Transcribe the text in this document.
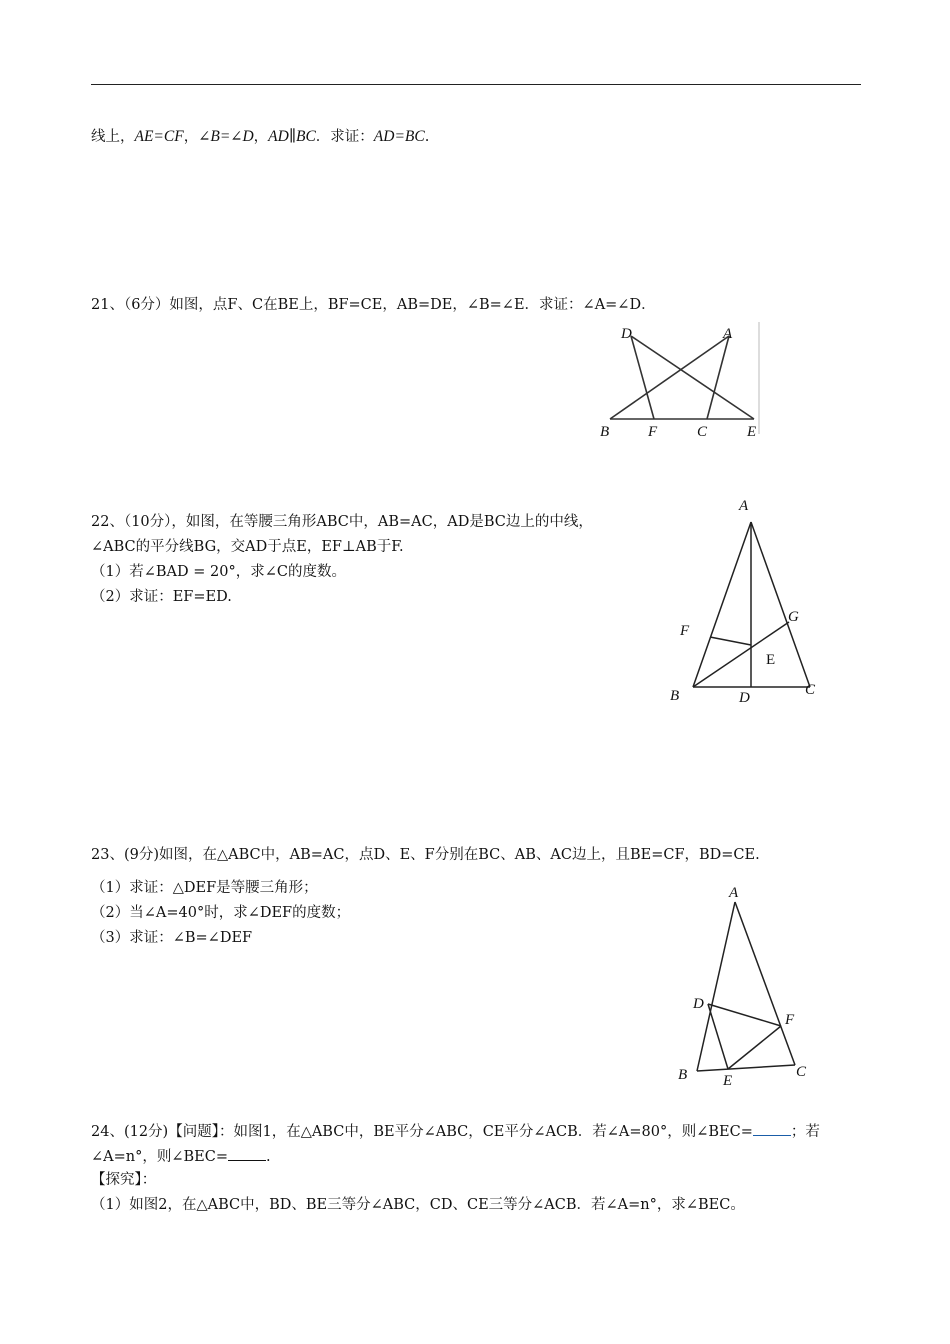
线上，AE=CF，∠B=∠D，AD∥BC．求证：AD=BC.
21、（6分）如图，点F、C在BE上，BF=CE，AB=DE，∠B=∠E．求证：∠A=∠D．
D	A
B	F	C	E
22、（10分），如图，在等腰三角形ABC中，AB=AC，AD是BC边上的中线，
∠ABC的平分线BG，交AD于点E，EF⊥AB于F.
（1）若∠BAD = 20°，求∠C的度数。
（2）求证：EF=ED.
A
F
G
E
B	D	C
23、(9分)如图，在△ABC中，AB=AC，点D、E、F分别在BC、AB、AC边上，且BE=CF，BD=CE.
（1）求证：△DEF是等腰三角形；
（2）当∠A=40°时，求∠DEF的度数；
（3）求证：∠B=∠DEF
A
D
F
B E
C
24、(12分)【问题】：如图1，在△ABC中，BE平分∠ABC，CE平分∠ACB．若∠A=80°，则∠BEC=	；若
∠A=n°，则∠BEC=	.
【探究】：
（1）如图2，在△ABC中，BD、BE三等分∠ABC，CD、CE三等分∠ACB．若∠A=n°，求∠BEC。
